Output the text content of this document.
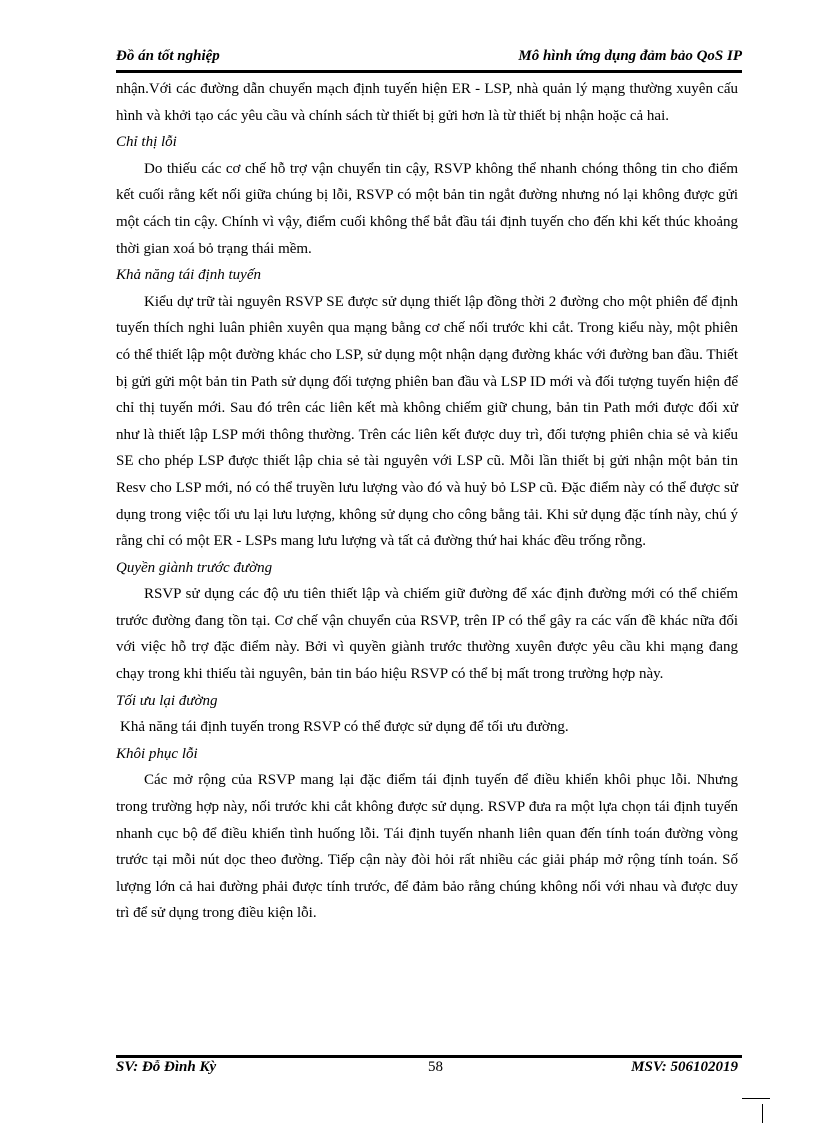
Đồ án tốt nghiệp	Mô hình ứng dụng đảm bảo QoS IP

nhận.Với các đường dẫn chuyển mạch định tuyến hiện ER - LSP, nhà quản lý mạng thường xuyên cấu hình và khởi tạo các yêu cầu và chính sách từ thiết bị gửi hơn là từ thiết bị nhận hoặc cả hai.

Chỉ thị lỗi

Do thiếu các cơ chế hỗ trợ vận chuyển tin cậy, RSVP không thể nhanh chóng thông tin cho điểm kết cuối rằng kết nối giữa chúng bị lỗi, RSVP có một bản tin ngắt đường nhưng nó lại không được gửi một cách tin cậy. Chính vì vậy, điểm cuối không thể bắt đầu tái định tuyến cho đến khi kết thúc khoảng thời gian xoá bỏ trạng thái mềm.

Khả năng tái định tuyến

Kiểu dự trữ tài nguyên RSVP SE được sử dụng thiết lập đồng thời 2 đường cho một phiên để định tuyến thích nghi luân phiên xuyên qua mạng bằng cơ chế nối trước khi cắt. Trong kiểu này, một phiên có thể thiết lập một đường khác cho LSP, sử dụng một nhận dạng đường khác với đường ban đầu. Thiết bị gửi gửi một bản tin Path sử dụng đối tượng phiên ban đầu và LSP ID mới và đối tượng tuyến hiện để chỉ thị tuyến mới. Sau đó trên các liên kết mà không chiếm giữ chung, bản tin Path mới được đối xử như là thiết lập LSP mới thông thường. Trên các liên kết được duy trì, đối tượng phiên chia sẻ và kiểu SE cho phép LSP được thiết lập chia sẻ tài nguyên với LSP cũ. Mỗi lần thiết bị gửi nhận một bản tin Resv cho LSP mới, nó có thể truyền lưu lượng vào đó và huỷ bỏ LSP cũ. Đặc điểm này có thể được sử dụng trong việc tối ưu lại lưu lượng, không sử dụng cho công bằng tải. Khi sử dụng đặc tính này, chú ý rằng chỉ có một ER - LSPs mang lưu lượng và tất cả đường thứ hai khác đều trống rỗng.

Quyền giành trước đường

RSVP sử dụng các độ ưu tiên thiết lập và chiếm giữ đường để xác định đường mới có thể chiếm trước đường đang tồn tại. Cơ chế vận chuyển của RSVP, trên IP có thể gây ra các vấn đề khác nữa đối với việc hỗ trợ đặc điểm này. Bởi vì quyền giành trước thường xuyên được yêu cầu khi mạng đang chạy trong khi thiếu tài nguyên, bản tin báo hiệu RSVP có thể bị mất trong trường hợp này.

Tối ưu lại đường

Khả năng tái định tuyến trong RSVP có thể được sử dụng để tối ưu đường.

Khôi phục lỗi

Các mở rộng của RSVP mang lại đặc điểm tái định tuyến để điều khiển khôi phục lỗi. Nhưng trong trường hợp này, nối trước khi cắt không được sử dụng. RSVP đưa ra một lựa chọn tái định tuyến nhanh cục bộ để điều khiển tình huống lỗi. Tái định tuyến nhanh liên quan đến tính toán đường vòng trước tại mỗi nút dọc theo đường. Tiếp cận này đòi hỏi rất nhiều các giải pháp mở rộng tính toán. Số lượng lớn cả hai đường phải được tính trước, để đảm bảo rằng chúng không nối với nhau và được duy trì để sử dụng trong điều kiện lỗi.

SV: Đỗ Đình Kỳ	58	MSV: 506102019
